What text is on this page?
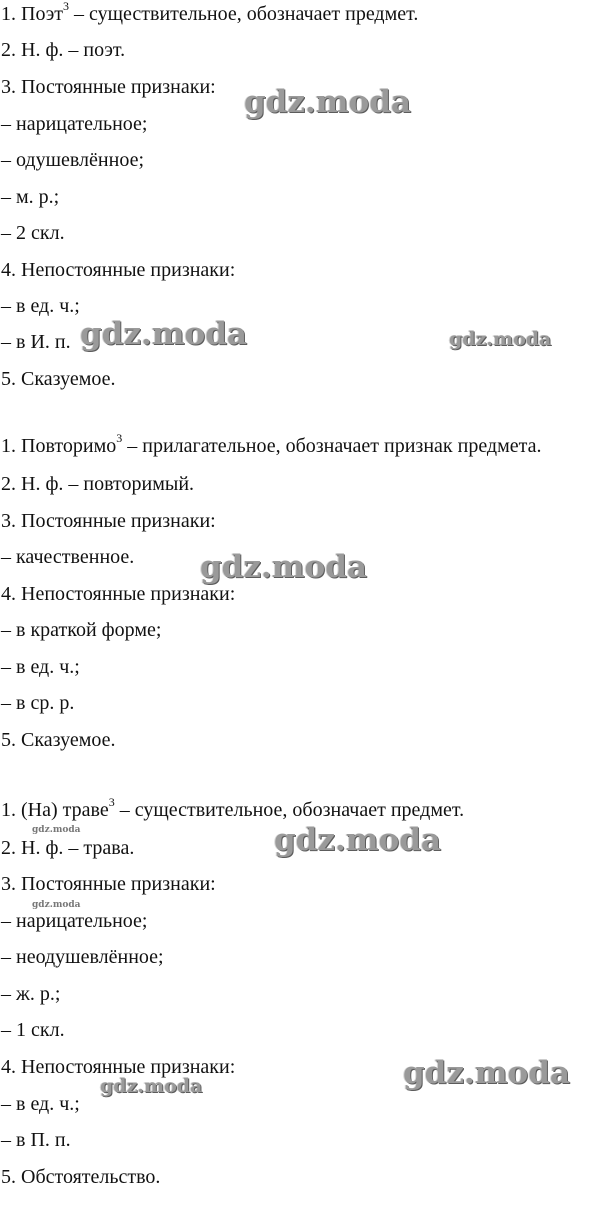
1. Поэт$^3$ – существительное, обозначает предмет.
2. Н. ф. – поэт.
3. Постоянные признаки:
– нарицательное;
– одушевлённое;
– м. р.;
– 2 скл.
4. Непостоянные признаки:
– в ед. ч.;
– в И. п.
5. Сказуемое.
1. Повторимо$^3$ – прилагательное, обозначает признак предмета.
2. Н. ф. – повторимый.
3. Постоянные признаки:
– качественное.
4. Непостоянные признаки:
– в краткой форме;
– в ед. ч.;
– в ср. р.
5. Сказуемое.
1. (На) траве$^3$ – существительное, обозначает предмет.
2. Н. ф. – трава.
3. Постоянные признаки:
– нарицательное;
– неодушевлённое;
– ж. р.;
– 1 скл.
4. Непостоянные признаки:
– в ед. ч.;
– в П. п.
5. Обстоятельство.
gdz.moda
gdz.moda	gdz.moda
gdz.moda
gdz.moda	gdz.moda
gdz.moda
gdz.moda
gdz.moda
